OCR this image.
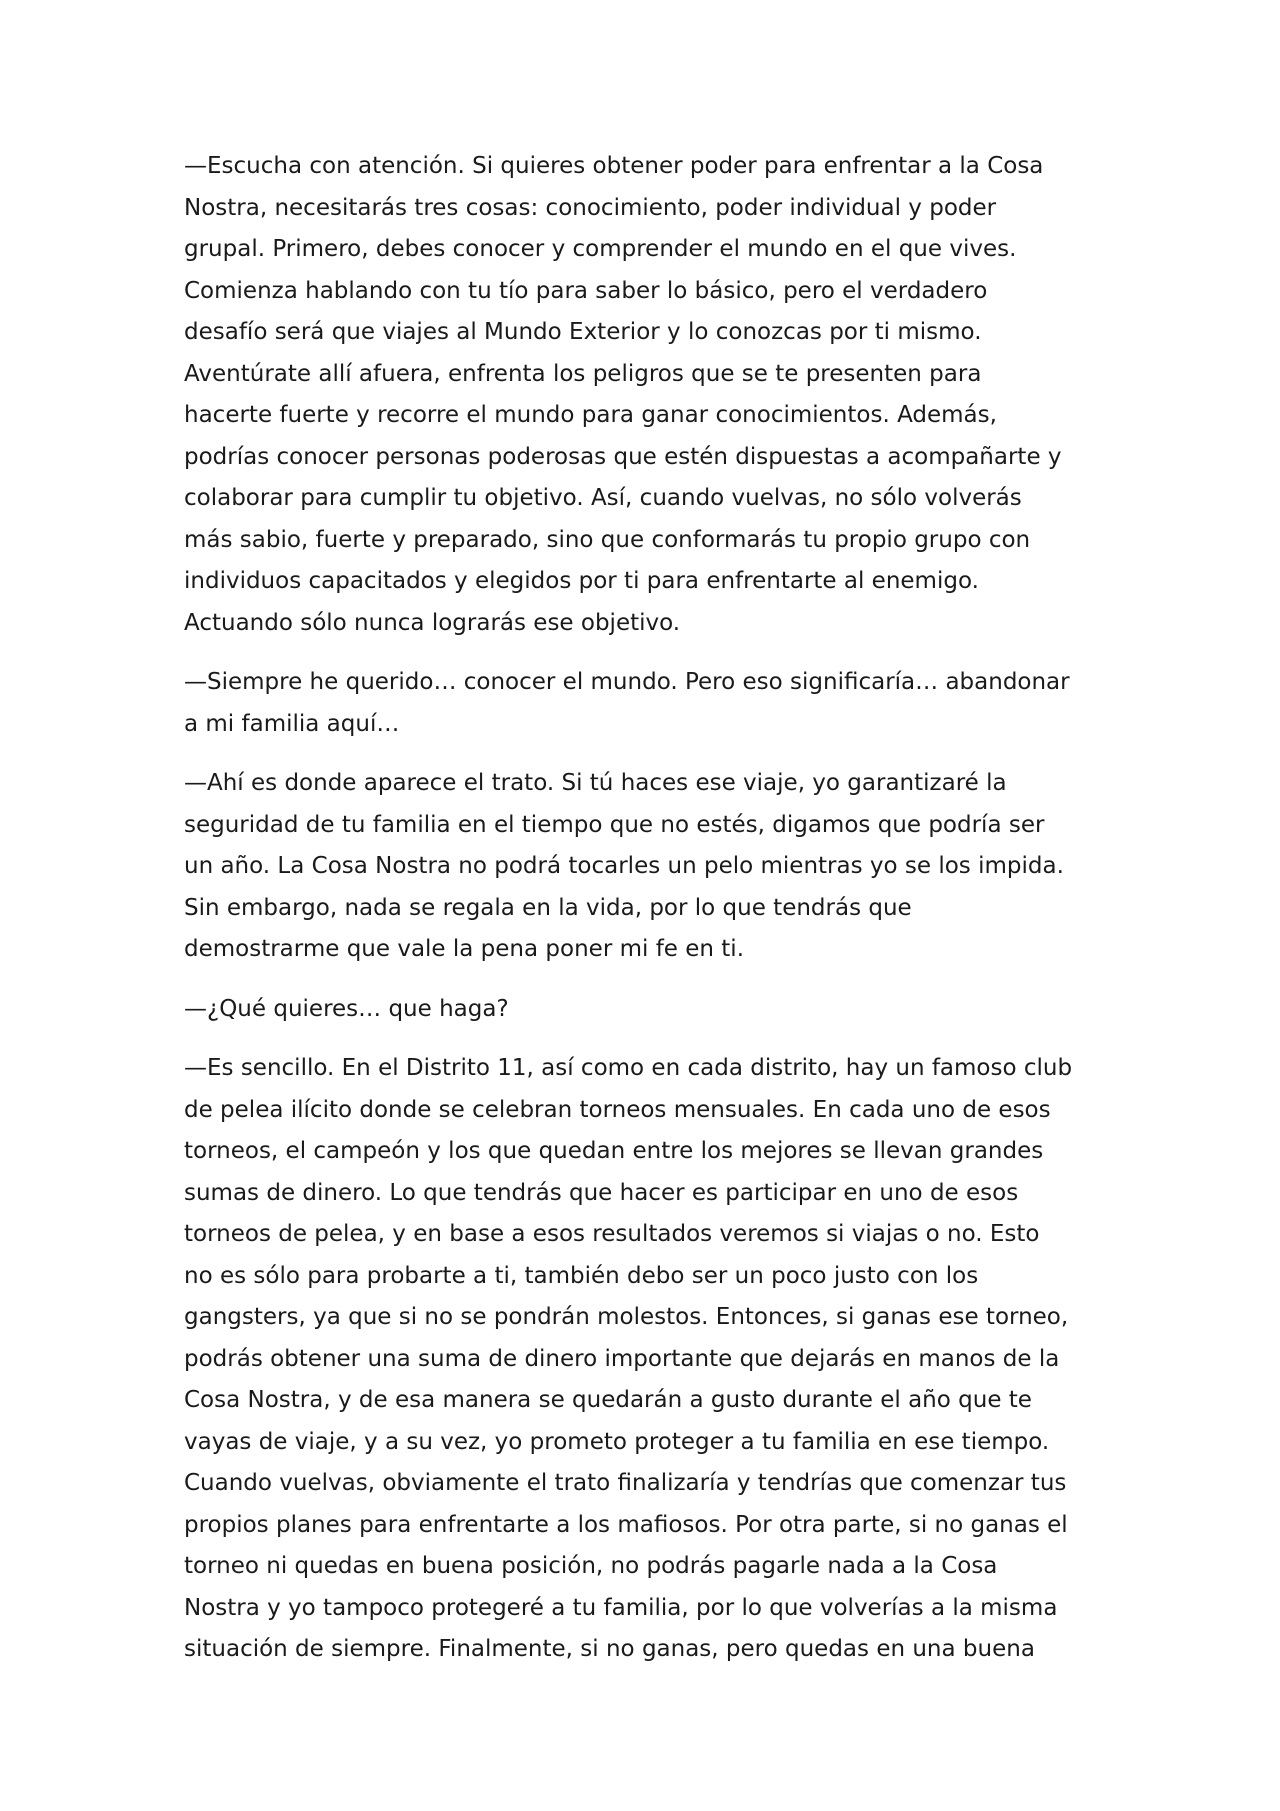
—Escucha con atención. Si quieres obtener poder para enfrentar a la Cosa
Nostra, necesitarás tres cosas: conocimiento, poder individual y poder
grupal. Primero, debes conocer y comprender el mundo en el que vives.
Comienza hablando con tu tío para saber lo básico, pero el verdadero
desafío será que viajes al Mundo Exterior y lo conozcas por ti mismo.
Aventúrate allí afuera, enfrenta los peligros que se te presenten para
hacerte fuerte y recorre el mundo para ganar conocimientos. Además,
podrías conocer personas poderosas que estén dispuestas a acompañarte y
colaborar para cumplir tu objetivo. Así, cuando vuelvas, no sólo volverás
más sabio, fuerte y preparado, sino que conformarás tu propio grupo con
individuos capacitados y elegidos por ti para enfrentarte al enemigo.
Actuando sólo nunca lograrás ese objetivo.
—Siempre he querido… conocer el mundo. Pero eso significaría… abandonar
a mi familia aquí…
—Ahí es donde aparece el trato. Si tú haces ese viaje, yo garantizaré la
seguridad de tu familia en el tiempo que no estés, digamos que podría ser
un año. La Cosa Nostra no podrá tocarles un pelo mientras yo se los impida.
Sin embargo, nada se regala en la vida, por lo que tendrás que
demostrarme que vale la pena poner mi fe en ti.
—¿Qué quieres… que haga?
—Es sencillo. En el Distrito 11, así como en cada distrito, hay un famoso club
de pelea ilícito donde se celebran torneos mensuales. En cada uno de esos
torneos, el campeón y los que quedan entre los mejores se llevan grandes
sumas de dinero. Lo que tendrás que hacer es participar en uno de esos
torneos de pelea, y en base a esos resultados veremos si viajas o no. Esto
no es sólo para probarte a ti, también debo ser un poco justo con los
gangsters, ya que si no se pondrán molestos. Entonces, si ganas ese torneo,
podrás obtener una suma de dinero importante que dejarás en manos de la
Cosa Nostra, y de esa manera se quedarán a gusto durante el año que te
vayas de viaje, y a su vez, yo prometo proteger a tu familia en ese tiempo.
Cuando vuelvas, obviamente el trato finalizaría y tendrías que comenzar tus
propios planes para enfrentarte a los mafiosos. Por otra parte, si no ganas el
torneo ni quedas en buena posición, no podrás pagarle nada a la Cosa
Nostra y yo tampoco protegeré a tu familia, por lo que volverías a la misma
situación de siempre. Finalmente, si no ganas, pero quedas en una buena
